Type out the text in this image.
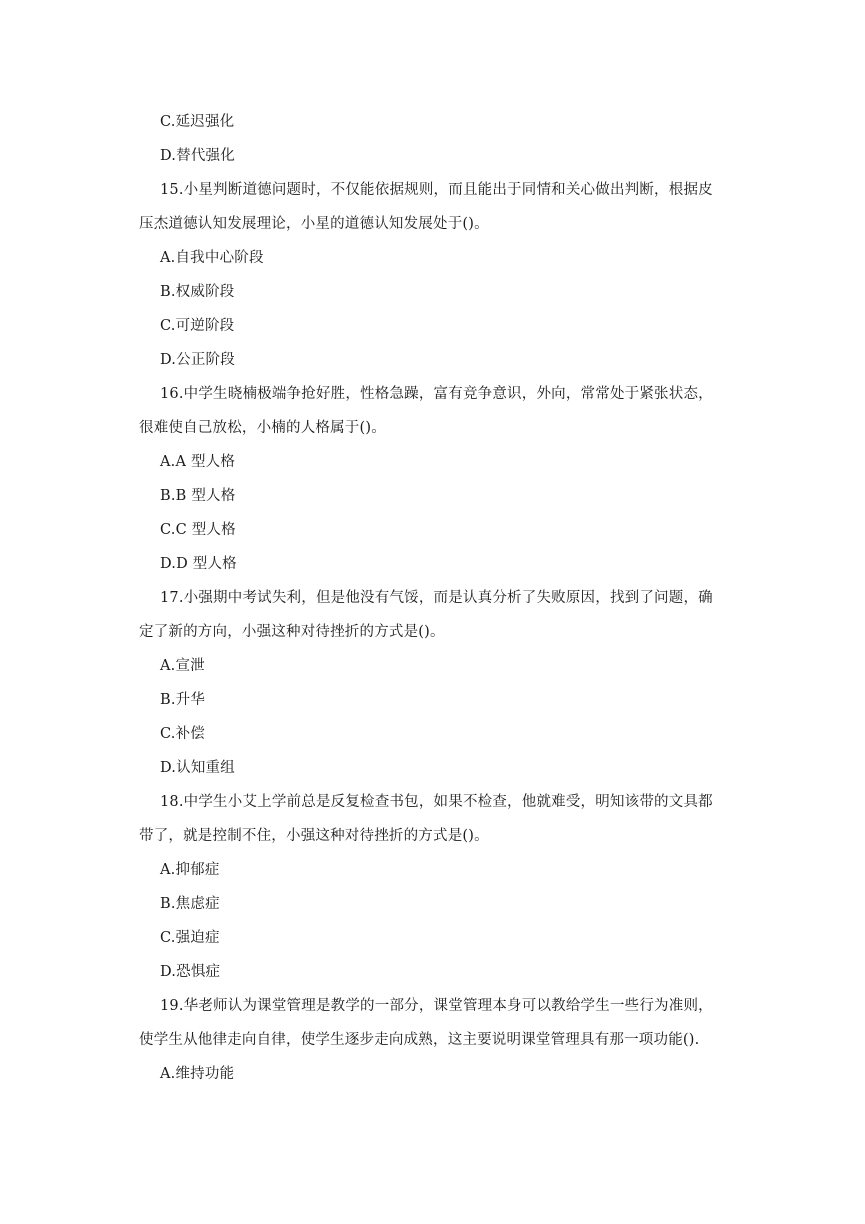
C.延迟强化
D.替代强化
15.小星判断道德问题时，不仅能依据规则，而且能出于同情和关心做出判断，根据皮
压杰道德认知发展理论，小星的道德认知发展处于()。
A.自我中心阶段
B.权威阶段
C.可逆阶段
D.公正阶段
16.中学生晓楠极端争抢好胜，性格急躁，富有竞争意识，外向，常常处于紧张状态，
很难使自己放松，小楠的人格属于()。
A.A 型人格
B.B 型人格
C.C 型人格
D.D 型人格
17.小强期中考试失利，但是他没有气馁，而是认真分析了失败原因，找到了问题，确
定了新的方向，小强这种对待挫折的方式是()。
A.宣泄
B.升华
C.补偿
D.认知重组
18.中学生小艾上学前总是反复检查书包，如果不检查，他就难受，明知该带的文具都
带了，就是控制不住，小强这种对待挫折的方式是()。
A.抑郁症
B.焦虑症
C.强迫症
D.恐惧症
19.华老师认为课堂管理是教学的一部分，课堂管理本身可以教给学生一些行为准则，
使学生从他律走向自律，使学生逐步走向成熟，这主要说明课堂管理具有那一项功能().
A.维持功能
